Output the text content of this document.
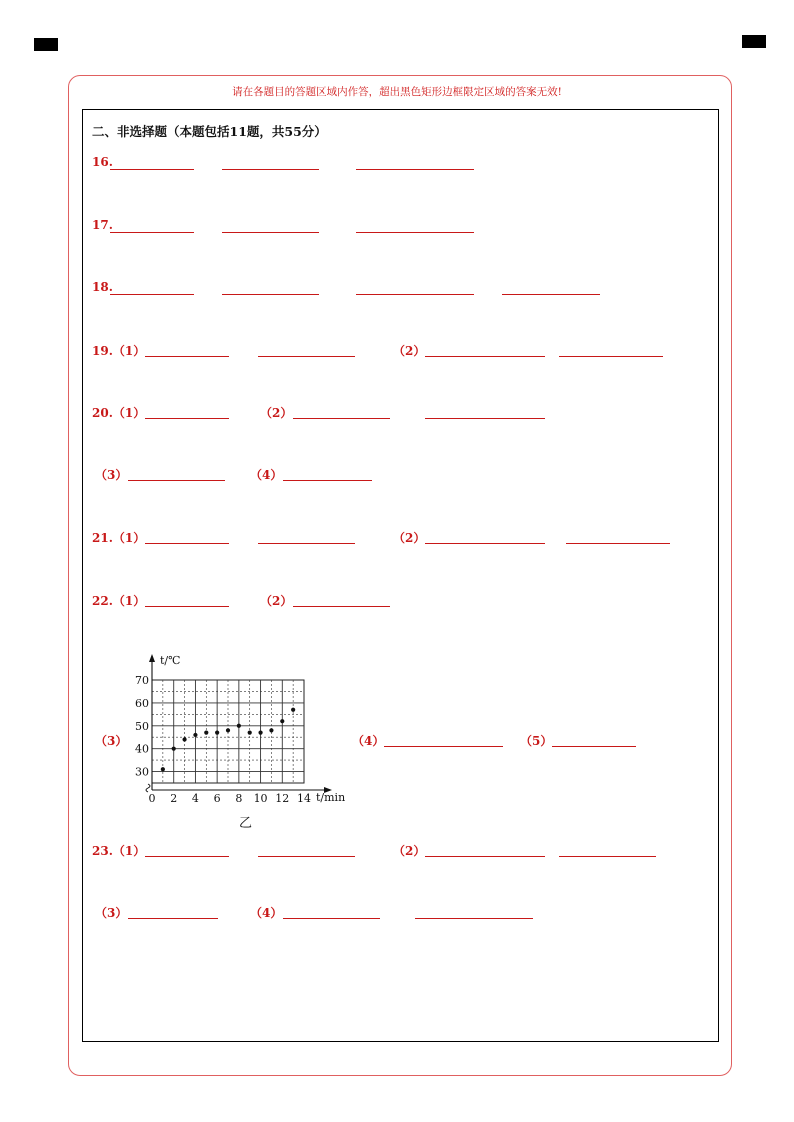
请在各题目的答题区域内作答，超出黑色矩形边框限定区域的答案无效!
二、非选择题（本题包括11题，共55分）
16.
17.
18.
19.（1）	（2）
20.（1）	（2）
（3）	（4）
21.（1）	（2）
22.（1）	（2）
（3）
30
40
50
60
70
0 2 4 6 8 10 12 14
t/℃
t/min
乙
（4）	（5）
23.（1）	（2）
（3）	（4）
